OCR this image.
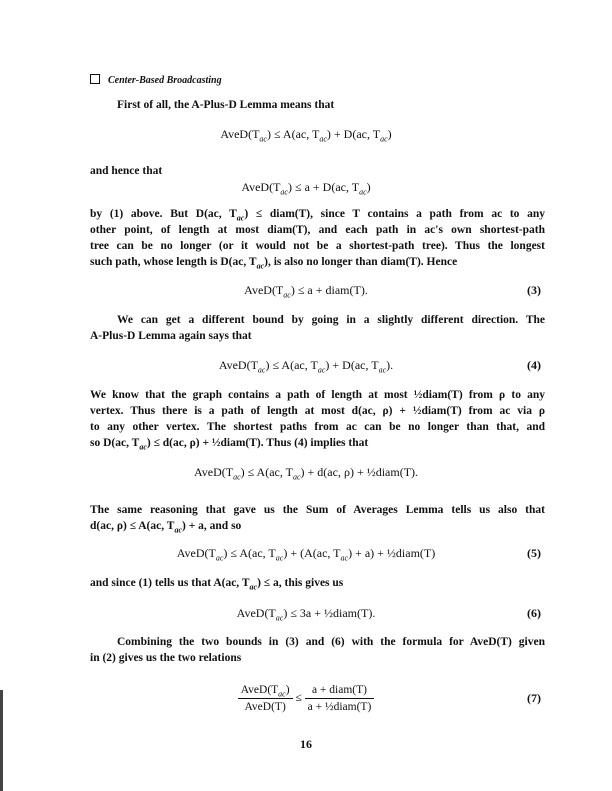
Center-Based Broadcasting
First of all, the A-Plus-D Lemma means that
$AveD(T_{ac}) \le A(ac$, $T_{ac}) + D(ac$, $T_{ac}$)
and hence that
$AveD(T_{ac}) \le a + D(ac$, $T_{ac}$)
by (1) above. But D(ac, $T_{ac}$) ≤ diam(T), since T contains a path from ac to any
other point, of length at most diam(T), and each path in ac's own shortest-path
tree can be no longer (or it would not be a shortest-path tree). Thus the longest
such path, whose length is D(ac, $T_{ac}$), is also no longer than diam(T). Hence
$AveD(T_{ac}) \le a$ + diam(T).	(3)
We can get a different bound by going in a slightly different direction. The
A-Plus-D Lemma again says that
$AveD(T_{ac}) \le A(ac$, $T_{ac}) + D(ac$, $T_{ac}$).	(4)
We know that the graph contains a path of length at most ½diam(T) from ρ to any
vertex. Thus there is a path of length at most d(ac, ρ) + ½diam(T) from ac via ρ
to any other vertex. The shortest paths from ac can be no longer than that, and
so D(ac, $T_{ac}) \le d(ac$, ρ) + ½diam(T). Thus (4) implies that
$AveD(T_{ac}) \le A(ac$, $T_{ac}) + d(ac$, ρ) + ½diam(T).
The same reasoning that gave us the Sum of Averages Lemma tells us also that
d(ac, ρ) ≤ A(ac, $T_{ac}) + a$, and so
$AveD(T_{ac}) \le A(ac$, $T_{ac}) + (A(ac$, $T_{ac}) + a$) + ½diam(T)	(5)
and since (1) tells us that A(ac, $T_{ac}) \le a$, this gives us
$AveD(T_{ac}) \le 3a$ + ½diam(T).	(6)
Combining the two bounds in (3) and (6) with the formula for AveD(T) given
in (2) gives us the two relations
$\frac{AveD(T_{ac})}{\text{AveD(T)}} \le \frac{\text{a + diam(T)}}{\text{a + ½diam(T)}}$	(7)
16
